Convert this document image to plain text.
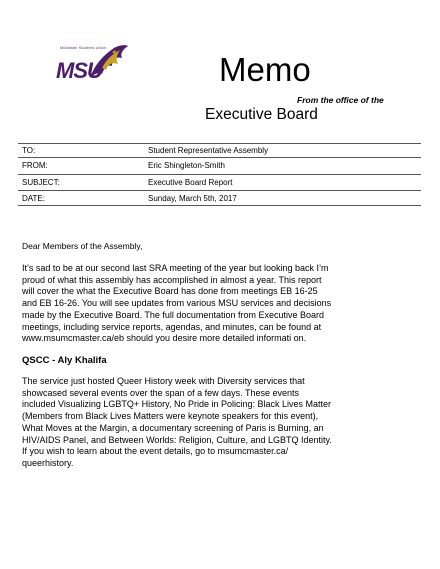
McMaster Students Union
MSU	Memo
From the office of the
Executive Board
TO:	Student Representative Assembly
FROM:	Eric Shingleton-Smith
SUBJECT:	Executive Board Report
DATE:	Sunday, March 5th, 2017
Dear Members of the Assembly,
It’s sad to be at our second last SRA meeting of the year but looking back I’m
proud of what this assembly has accomplished in almost a year. This report
will cover the what the Executive Board has done from meetings EB 16-25
and EB 16-26. You will see updates from various MSU services and decisions
made by the Executive Board. The full documentation from Executive Board
meetings, including service reports, agendas, and minutes, can be found at
www.msumcmaster.ca/eb should you desire more detailed informati on.
QSCC - Aly Khalifa
The service just hosted Queer History week with Diversity services that
showcased several events over the span of a few days. These events
included Visualizing LGBTQ+ History, No Pride in Policing: Black Lives Matter
(Members from Black Lives Matters were keynote speakers for this event),
What Moves at the Margin, a documentary screening of Paris is Burning, an
HIV/AIDS Panel, and Between Worlds: Religion, Culture, and LGBTQ Identity.
If you wish to learn about the event details, go to msumcmaster.ca/
queerhistory.
